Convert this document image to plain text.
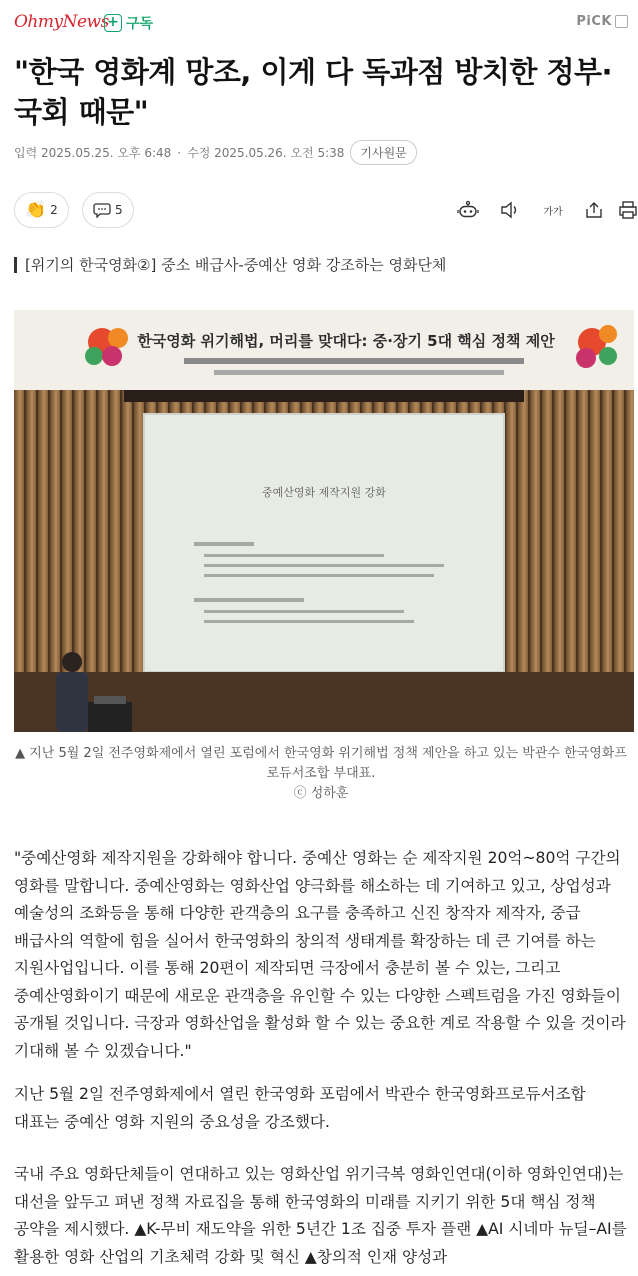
OhmyNews
+ 구독	PiCK
"한국 영화계 망조, 이게 다 독과점 방치한 정부·국회 때문"
입력 2025.05.25. 오후 6:48 · 수정 2025.05.26. 오전 5:38	기사원문
👏 2	5	가가
[위기의 한국영화②] 중소 배급사-중예산 영화 강조하는 영화단체
한국영화 위기해법, 머리를 맞대다: 중·장기 5대 핵심 정책 제안
중예산영화 제작지원 강화
▲ 지난 5월 2일 전주영화제에서 열린 포럼에서 한국영화 위기해법 정책 제안을 하고 있는 박관수 한국영화프로듀서조합 부대표.
ⓒ 성하훈

"중예산영화 제작지원을 강화해야 합니다. 중예산 영화는 순 제작지원 20억~80억 구간의 영화를 말합니다. 중예산영화는 영화산업 양극화를 해소하는 데 기여하고 있고, 상업성과 예술성의 조화등을 통해 다양한 관객층의 요구를 충족하고 신진 창작자 제작자, 중급 배급사의 역할에 힘을 실어서 한국영화의 창의적 생태계를 확장하는 데 큰 기여를 하는 지원사업입니다. 이를 통해 20편이 제작되면 극장에서 충분히 볼 수 있는, 그리고 중예산영화이기 때문에 새로운 관객층을 유인할 수 있는 다양한 스펙트럼을 가진 영화들이 공개될 것입니다. 극장과 영화산업을 활성화 할 수 있는 중요한 계로 작용할 수 있을 것이라 기대해 볼 수 있겠습니다."

지난 5월 2일 전주영화제에서 열린 한국영화 포럼에서 박관수 한국영화프로듀서조합 대표는 중예산 영화 지원의 중요성을 강조했다.

국내 주요 영화단체들이 연대하고 있는 영화산업 위기극복 영화인연대(이하 영화인연대)는 대선을 앞두고 펴낸 정책 자료집을 통해 한국영화의 미래를 지키기 위한 5대 핵심 정책 공약을 제시했다. ▲K-무비 재도약을 위한 5년간 1조 집중 투자 플랜 ▲AI 시네마 뉴딜–AI를 활용한 영화 산업의 기초체력 강화 및 혁신 ▲창의적 인재 양성과
